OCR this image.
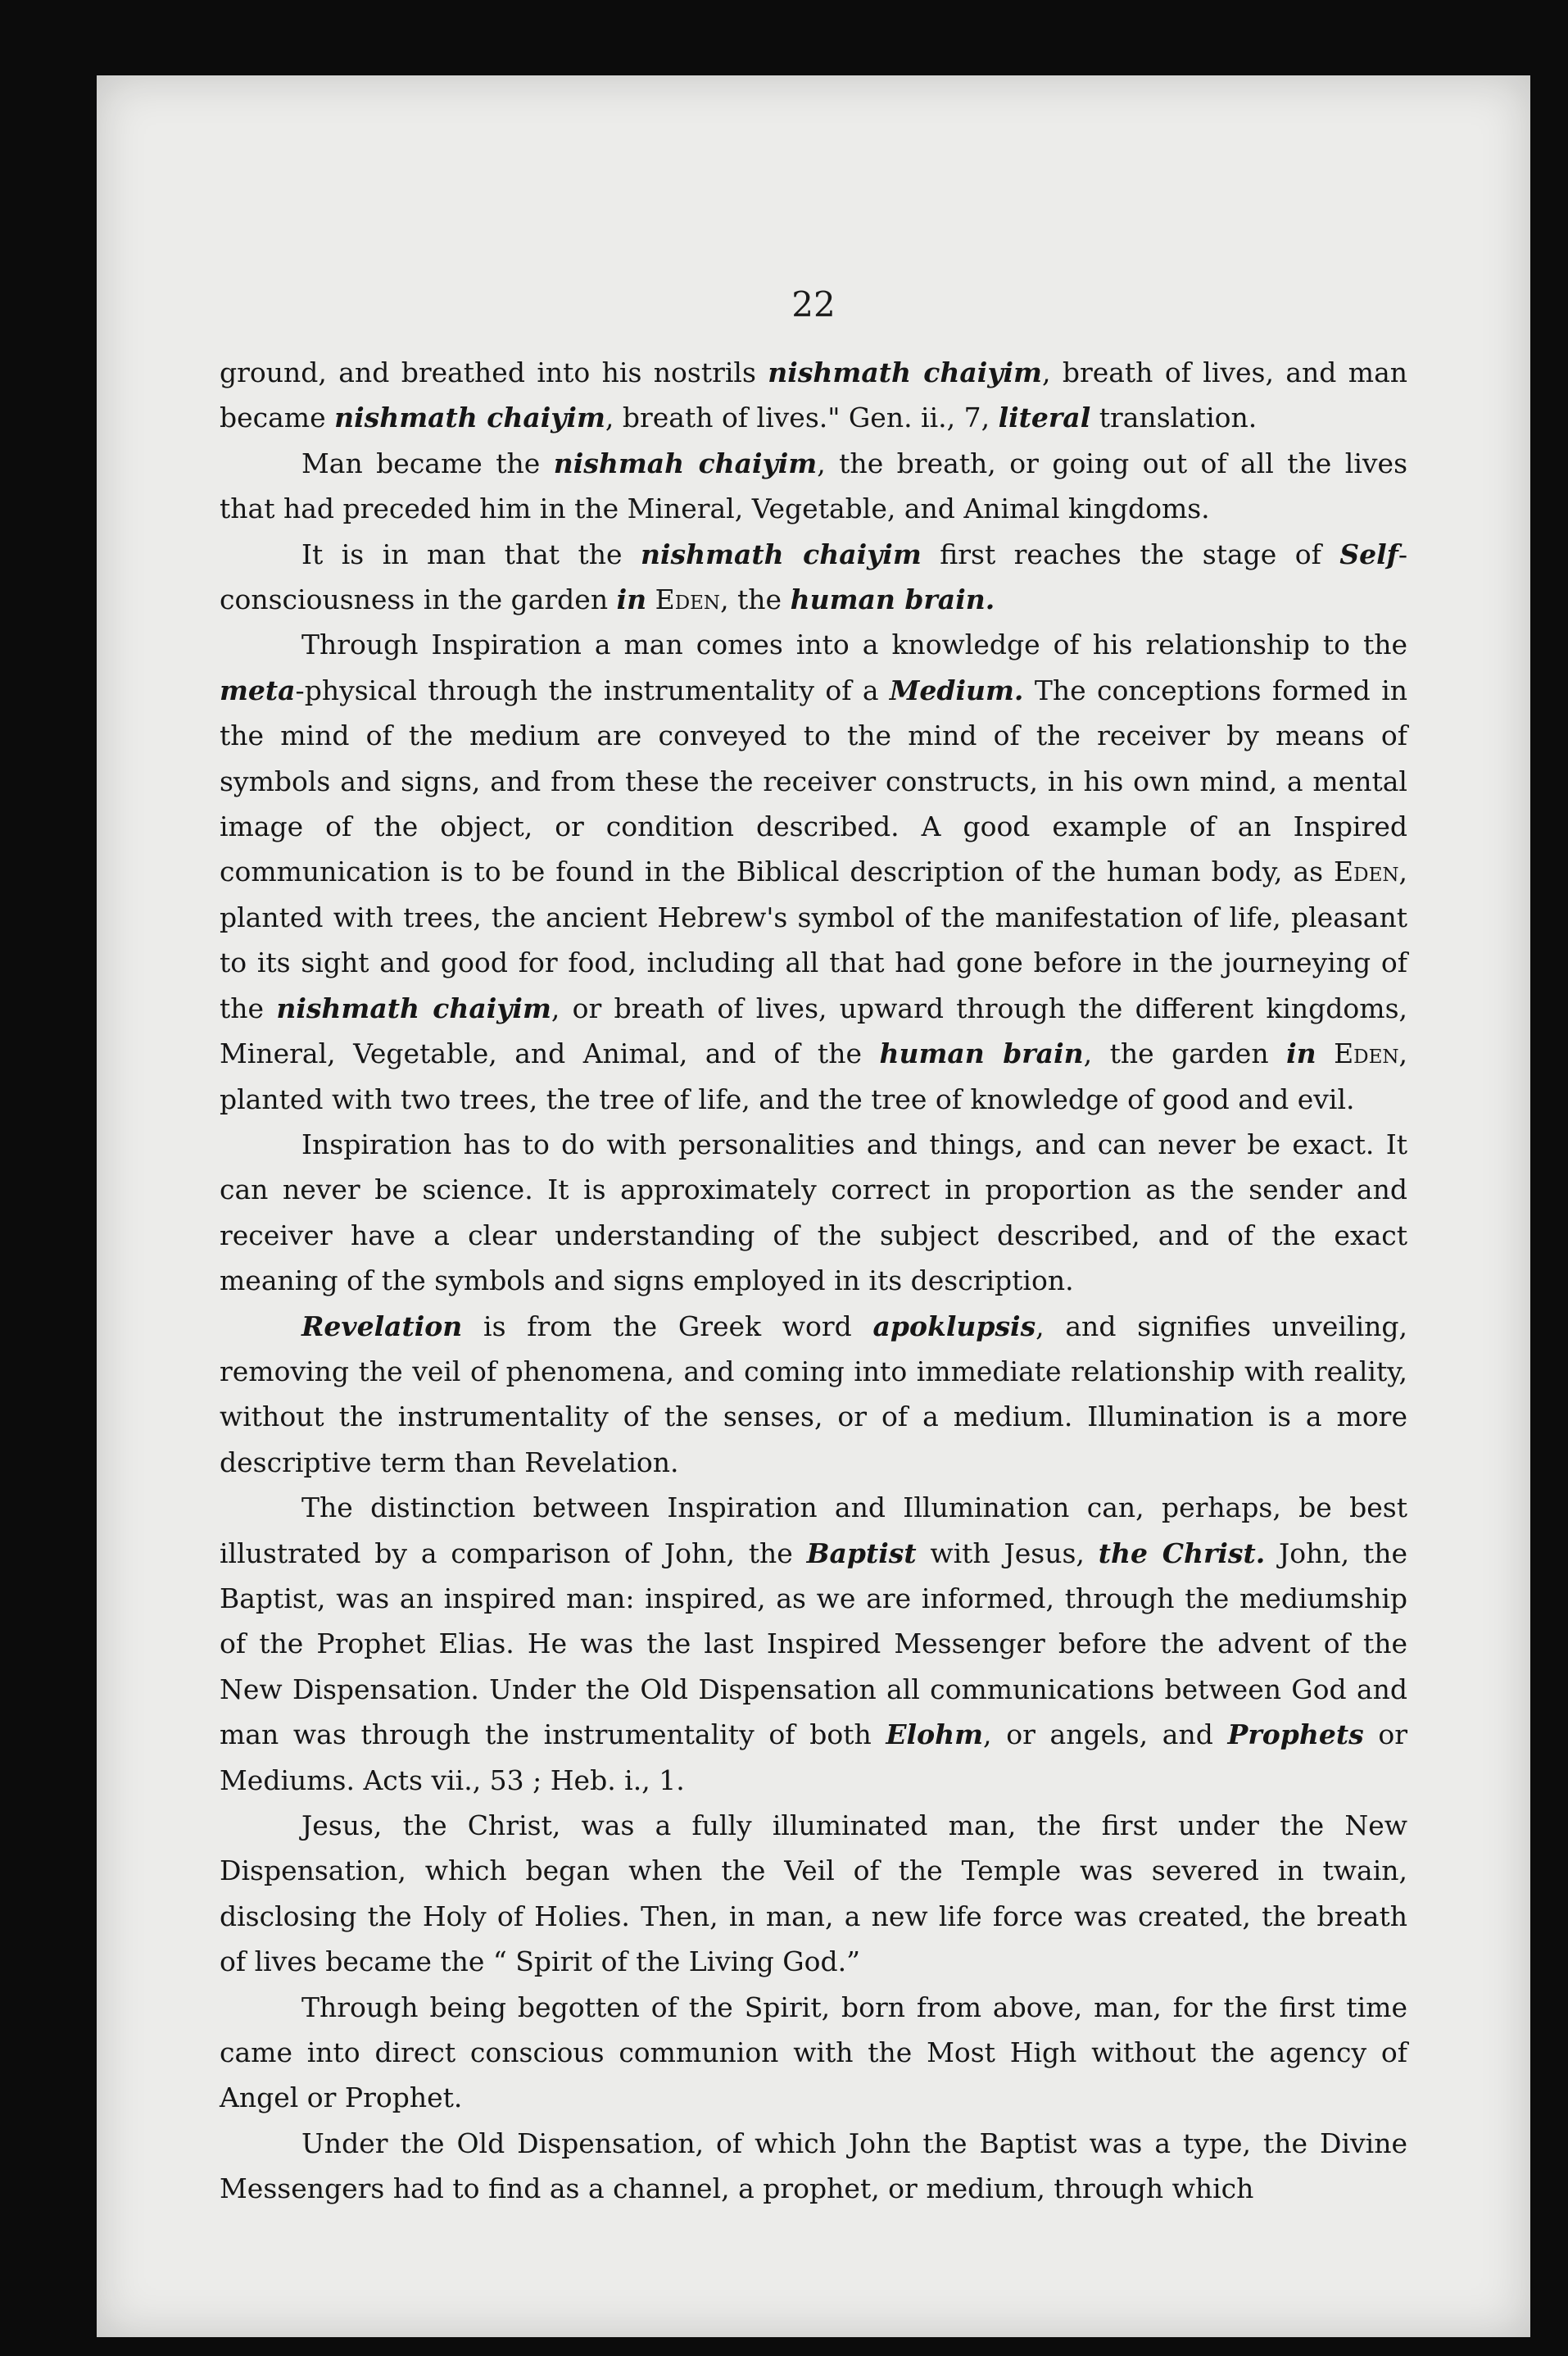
22

ground, and breathed into his nostrils nishmath chaiyim, breath of lives, and man became nishmath chaiyim, breath of lives." Gen. ii., 7, literal translation.

Man became the nishmah chaiyim, the breath, or going out of all the lives that had preceded him in the Mineral, Vegetable, and Animal kingdoms.

It is in man that the nishmath chaiyim first reaches the stage of Self-consciousness in the garden in Eden, the human brain.

Through Inspiration a man comes into a knowledge of his relationship to the meta-physical through the instrumentality of a Medium. The conceptions formed in the mind of the medium are conveyed to the mind of the receiver by means of symbols and signs, and from these the receiver constructs, in his own mind, a mental image of the object, or condition described. A good example of an Inspired communication is to be found in the Biblical description of the human body, as Eden, planted with trees, the ancient Hebrew's symbol of the manifestation of life, pleasant to its sight and good for food, including all that had gone before in the journeying of the nishmath chaiyim, or breath of lives, upward through the different kingdoms, Mineral, Vegetable, and Animal, and of the human brain, the garden in Eden, planted with two trees, the tree of life, and the tree of knowledge of good and evil.

Inspiration has to do with personalities and things, and can never be exact. It can never be science. It is approximately correct in proportion as the sender and receiver have a clear understanding of the subject described, and of the exact meaning of the symbols and signs employed in its description.

Revelation is from the Greek word apoklupsis, and signifies unveiling, removing the veil of phenomena, and coming into immediate relationship with reality, without the instrumentality of the senses, or of a medium. Illumination is a more descriptive term than Revelation.

The distinction between Inspiration and Illumination can, perhaps, be best illustrated by a comparison of John, the Baptist with Jesus, the Christ. John, the Baptist, was an inspired man: inspired, as we are informed, through the mediumship of the Prophet Elias. He was the last Inspired Messenger before the advent of the New Dispensation. Under the Old Dispensation all communications between God and man was through the instrumentality of both Elohm, or angels, and Prophets or Mediums. Acts vii., 53 ; Heb. i., 1.

Jesus, the Christ, was a fully illuminated man, the first under the New Dispensation, which began when the Veil of the Temple was severed in twain, disclosing the Holy of Holies. Then, in man, a new life force was created, the breath of lives became the “ Spirit of the Living God.”

Through being begotten of the Spirit, born from above, man, for the first time came into direct conscious communion with the Most High without the agency of Angel or Prophet.

Under the Old Dispensation, of which John the Baptist was a type, the Divine Messengers had to find as a channel, a prophet, or medium, through which
